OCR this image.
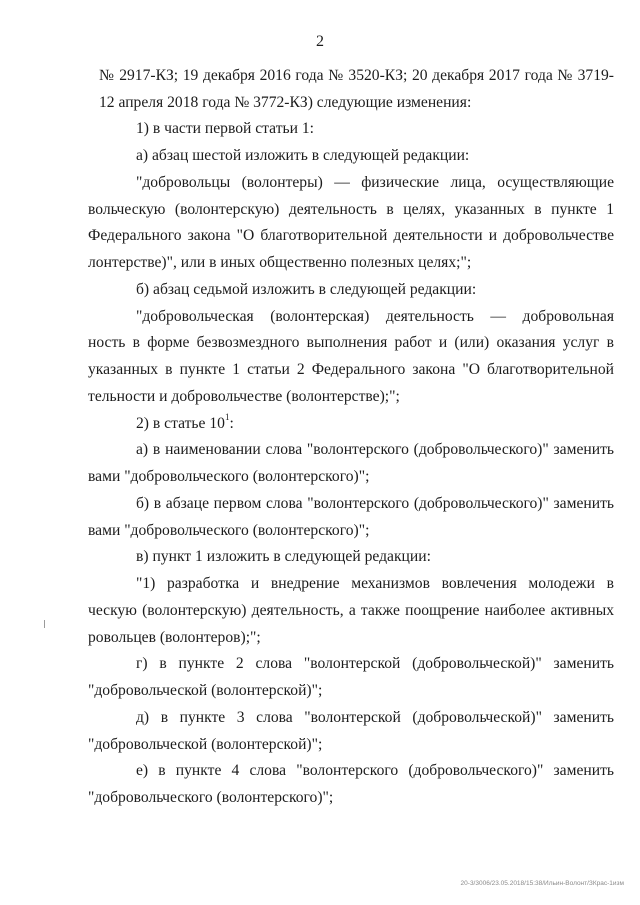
2
№ 2917-КЗ; 19 декабря 2016 года № 3520-КЗ; 20 декабря 2017 года № 3719-
12 апреля 2018 года № 3772-КЗ) следующие изменения:
1) в части первой статьи 1:
а) абзац шестой изложить в следующей редакции:
"добровольцы (волонтеры) — физические лица, осуществляющие
вольческую (волонтерскую) деятельность в целях, указанных в пункте 1
Федерального закона "О благотворительной деятельности и добровольчестве
лонтерстве)", или в иных общественно полезных целях;";
б) абзац седьмой изложить в следующей редакции:
"добровольческая (волонтерская) деятельность — добровольная
ность в форме безвозмездного выполнения работ и (или) оказания услуг в
указанных в пункте 1 статьи 2 Федерального закона "О благотворительной
тельности и добровольчестве (волонтерстве);";
2) в статье $10^1$:
а) в наименовании слова "волонтерского (добровольческого)" заменить
вами "добровольческого (волонтерского)";
б) в абзаце первом слова "волонтерского (добровольческого)" заменить
вами "добровольческого (волонтерского)";
в) пункт 1 изложить в следующей редакции:
"1) разработка и внедрение механизмов вовлечения молодежи в
ческую (волонтерскую) деятельность, а также поощрение наиболее активных
ровольцев (волонтеров);";
г) в пункте 2 слова "волонтерской (добровольческой)" заменить
"добровольческой (волонтерской)";
д) в пункте 3 слова "волонтерской (добровольческой)" заменить
"добровольческой (волонтерской)";
е) в пункте 4 слова "волонтерского (добровольческого)" заменить
"добровольческого (волонтерского)";
20-3/3006/23.05.2018/15:38/Ильин-Волонт/ЗКрас-1изм
